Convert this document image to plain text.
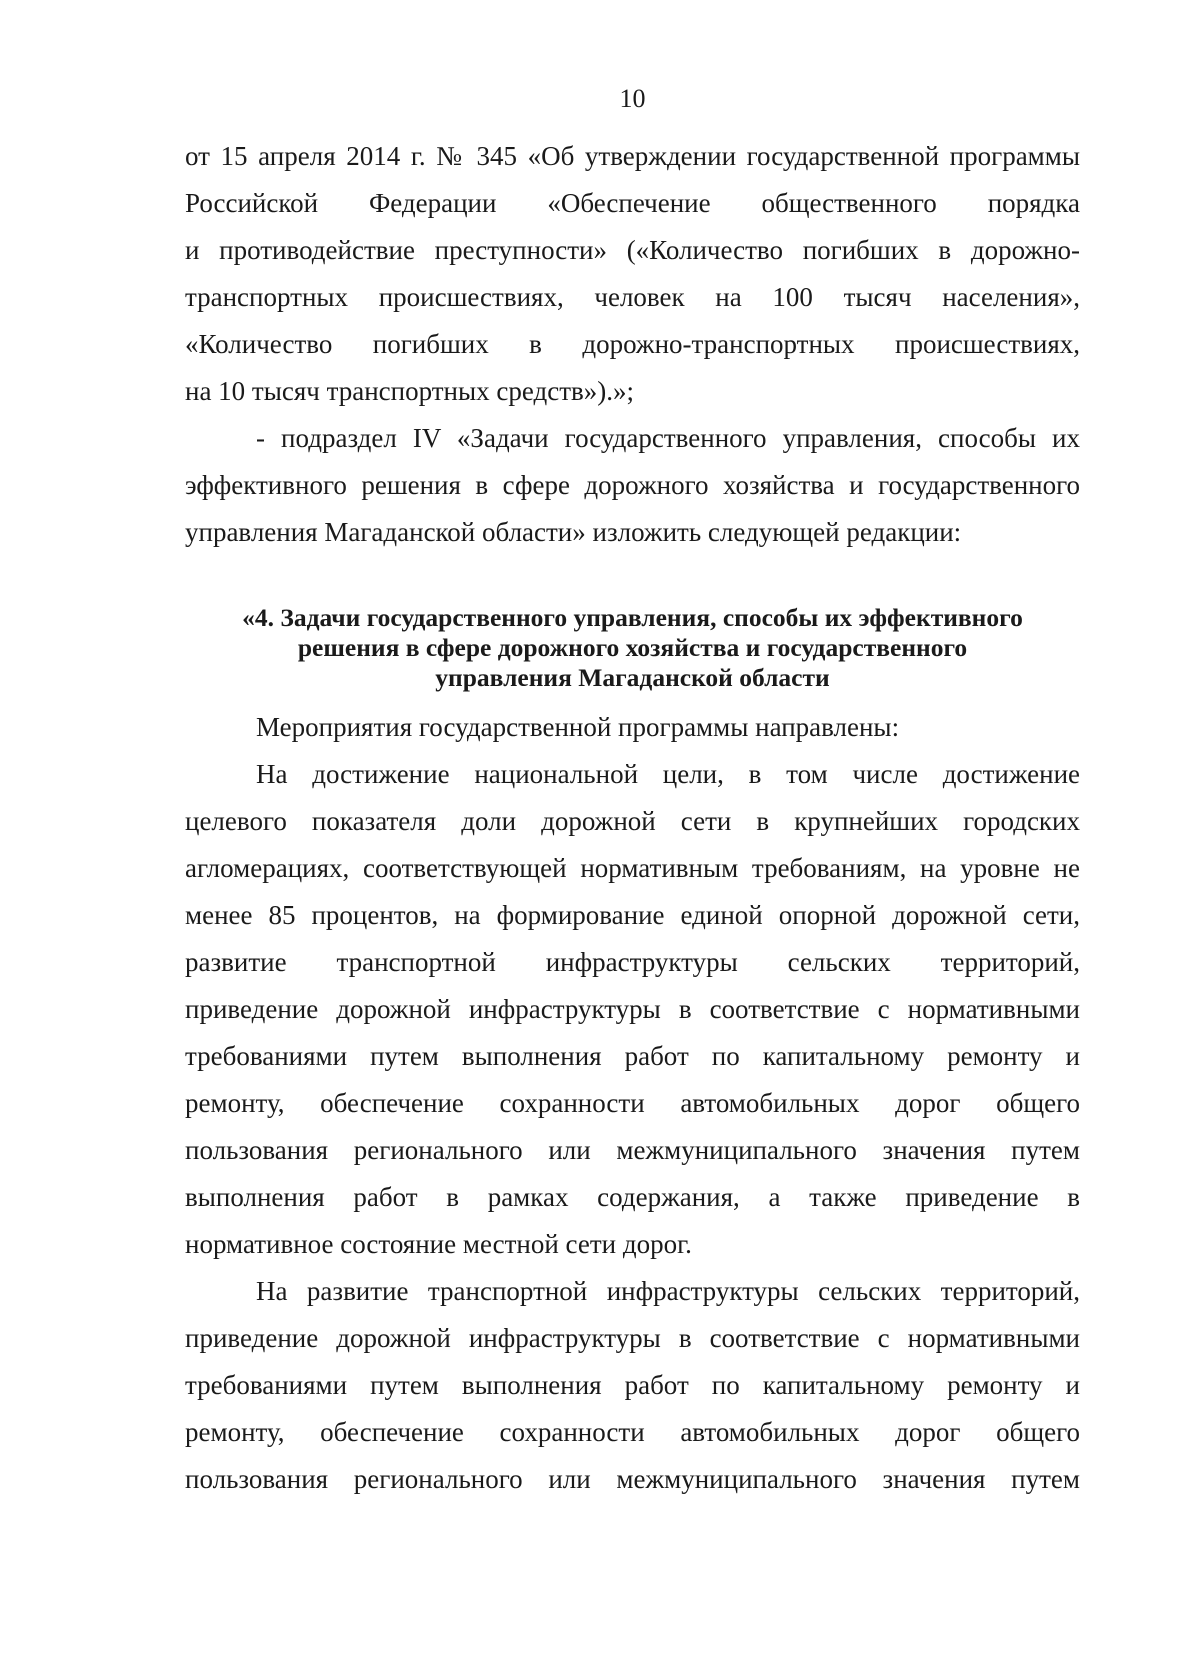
10
от 15 апреля 2014 г. № 345 «Об утверждении государственной программы
Российской Федерации «Обеспечение общественного порядка
и противодействие преступности» («Количество погибших в дорожно-
транспортных происшествиях, человек на 100 тысяч населения»,
«Количество погибших в дорожно-транспортных происшествиях,
на 10 тысяч транспортных средств»).»;
- подраздел IV «Задачи государственного управления, способы их
эффективного решения в сфере дорожного хозяйства и государственного
управления Магаданской области» изложить следующей редакции:
«4. Задачи государственного управления, способы их эффективного
решения в сфере дорожного хозяйства и государственного
управления Магаданской области
Мероприятия государственной программы направлены:
На достижение национальной цели, в том числе достижение
целевого показателя доли дорожной сети в крупнейших городских
агломерациях, соответствующей нормативным требованиям, на уровне не
менее 85 процентов, на формирование единой опорной дорожной сети,
развитие транспортной инфраструктуры сельских территорий,
приведение дорожной инфраструктуры в соответствие с нормативными
требованиями путем выполнения работ по капитальному ремонту и
ремонту, обеспечение сохранности автомобильных дорог общего
пользования регионального или межмуниципального значения путем
выполнения работ в рамках содержания, а также приведение в
нормативное состояние местной сети дорог.
На развитие транспортной инфраструктуры сельских территорий,
приведение дорожной инфраструктуры в соответствие с нормативными
требованиями путем выполнения работ по капитальному ремонту и
ремонту, обеспечение сохранности автомобильных дорог общего
пользования регионального или межмуниципального значения путем
